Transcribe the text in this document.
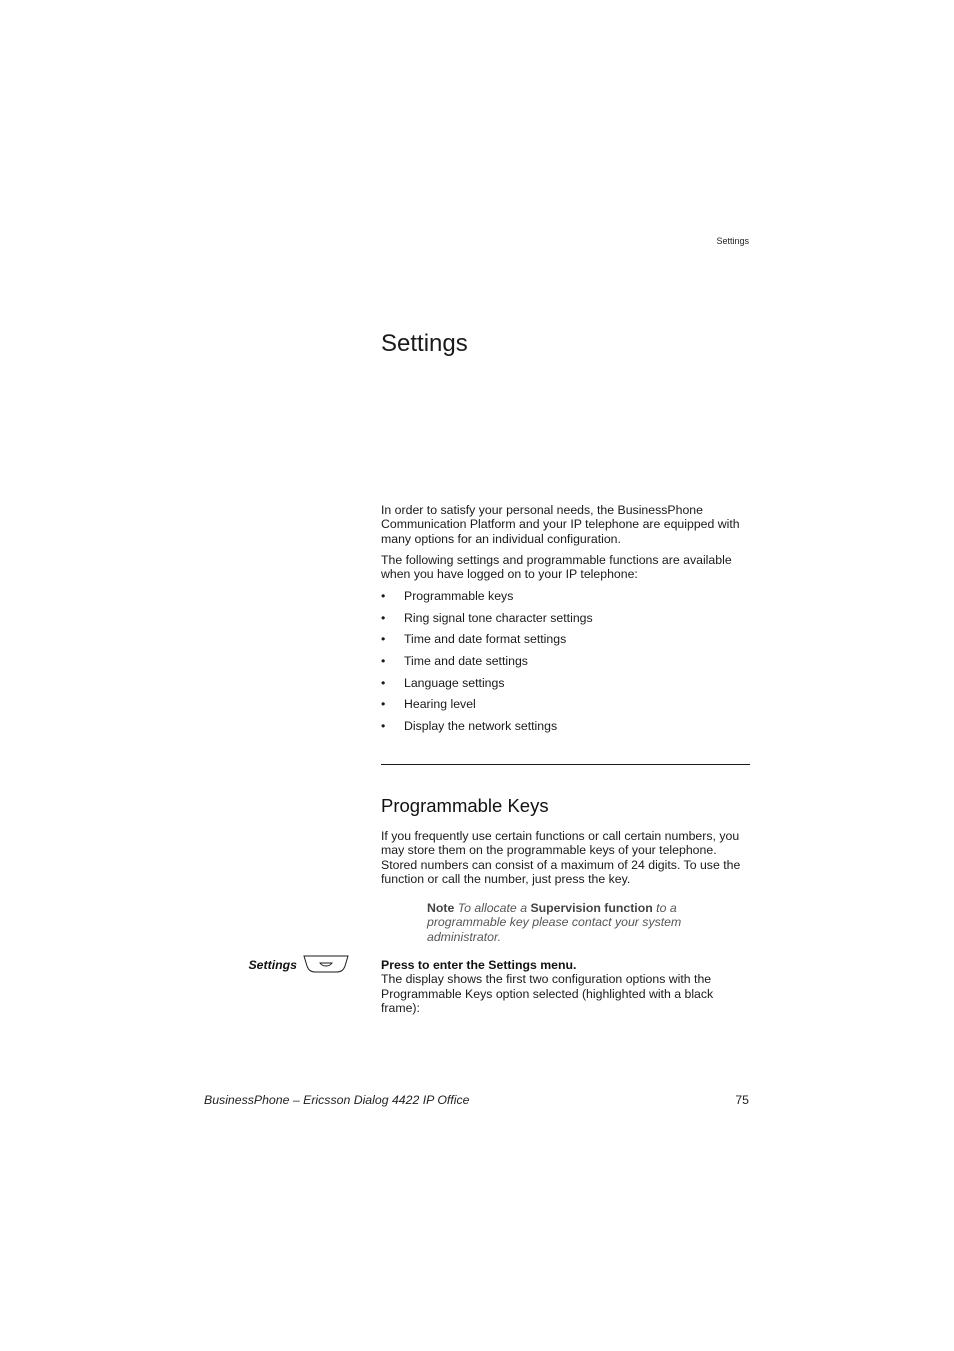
Settings
Settings

In order to satisfy your personal needs, the BusinessPhone Communication Platform and your IP telephone are equipped with many options for an individual configuration.

The following settings and programmable functions are available when you have logged on to your IP telephone:

• Programmable keys
• Ring signal tone character settings
• Time and date format settings
• Time and date settings
• Language settings
• Hearing level
• Display the network settings
Programmable Keys

If you frequently use certain functions or call certain numbers, you may store them on the programmable keys of your telephone. Stored numbers can consist of a maximum of 24 digits. To use the function or call the number, just press the key.

Note To allocate a Supervision function to a programmable key please contact your system administrator.
Settings	Press to enter the Settings menu.

The display shows the first two configuration options with the Programmable Keys option selected (highlighted with a black frame):

BusinessPhone – Ericsson Dialog 4422 IP Office	75
